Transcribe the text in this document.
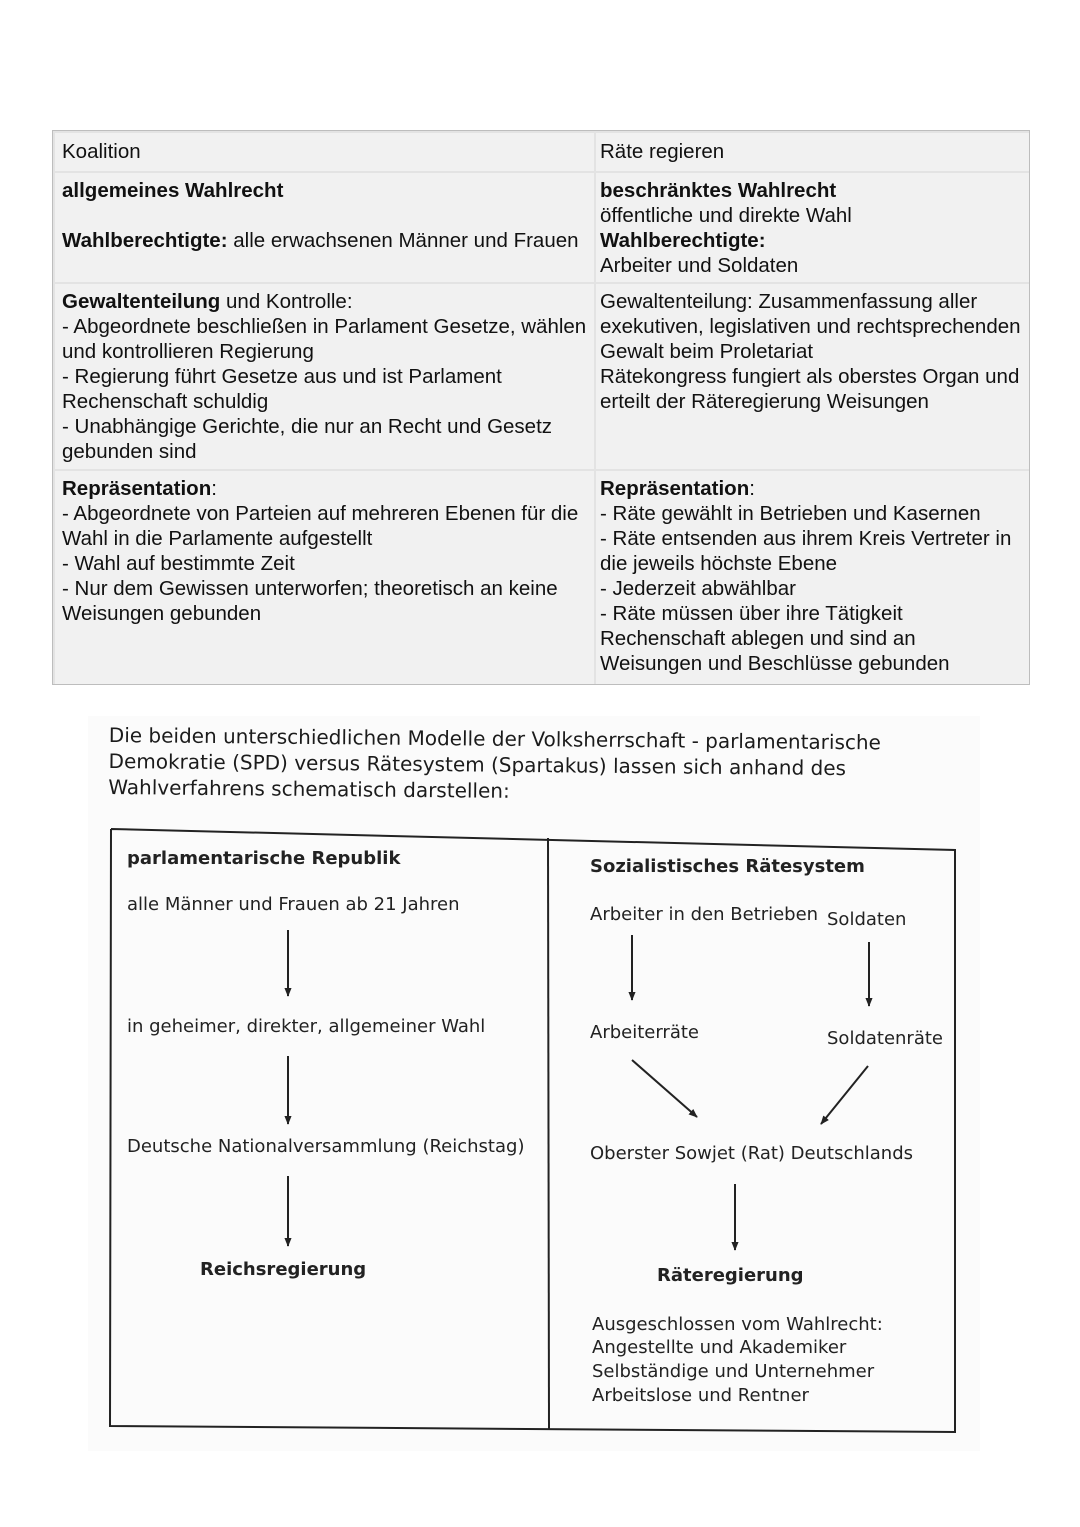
Koalition	Räte regieren

allgemeines Wahlrecht

Wahlberechtigte: alle erwachsenen Männer und Frauen

beschränktes Wahlrecht

öffentliche und direkte Wahl

Wahlberechtigte:

Arbeiter und Soldaten

Gewaltenteilung und Kontrolle:

- Abgeordnete beschließen in Parlament Gesetze, wählen und kontrollieren Regierung

- Regierung führt Gesetze aus und ist Parlament Rechenschaft schuldig

- Unabhängige Gerichte, die nur an Recht und Gesetz gebunden sind

Gewaltenteilung: Zusammenfassung aller exekutiven, legislativen und rechtsprechenden Gewalt beim Proletariat

Rätekongress fungiert als oberstes Organ und erteilt der Räteregierung Weisungen

Repräsentation:

- Abgeordnete von Parteien auf mehreren Ebenen für die Wahl in die Parlamente aufgestellt

- Wahl auf bestimmte Zeit

- Nur dem Gewissen unterworfen; theoretisch an keine Weisungen gebunden

Repräsentation:

- Räte gewählt in Betrieben und Kasernen

- Räte entsenden aus ihrem Kreis Vertreter in die jeweils höchste Ebene

- Jederzeit abwählbar

- Räte müssen über ihre Tätigkeit Rechenschaft ablegen und sind an Weisungen und Beschlüsse gebunden

Die beiden unterschiedlichen Modelle der Volksherrschaft - parlamentarische Demokratie (SPD) versus Rätesystem (Spartakus) lassen sich anhand des Wahlverfahrens schematisch darstellen:

parlamentarische Republik
alle Männer und Frauen ab 21 Jahren
in geheimer, direkter, allgemeiner Wahl
Deutsche Nationalversammlung (Reichstag)
Reichsregierung
Sozialistisches Rätesystem
Arbeiter in den Betrieben Soldaten
Arbeiterräte	Soldatenräte
Oberster Sowjet (Rat) Deutschlands
Räteregierung
Ausgeschlossen vom Wahlrecht:
Angestellte und Akademiker
Selbständige und Unternehmer
Arbeitslose und Rentner
